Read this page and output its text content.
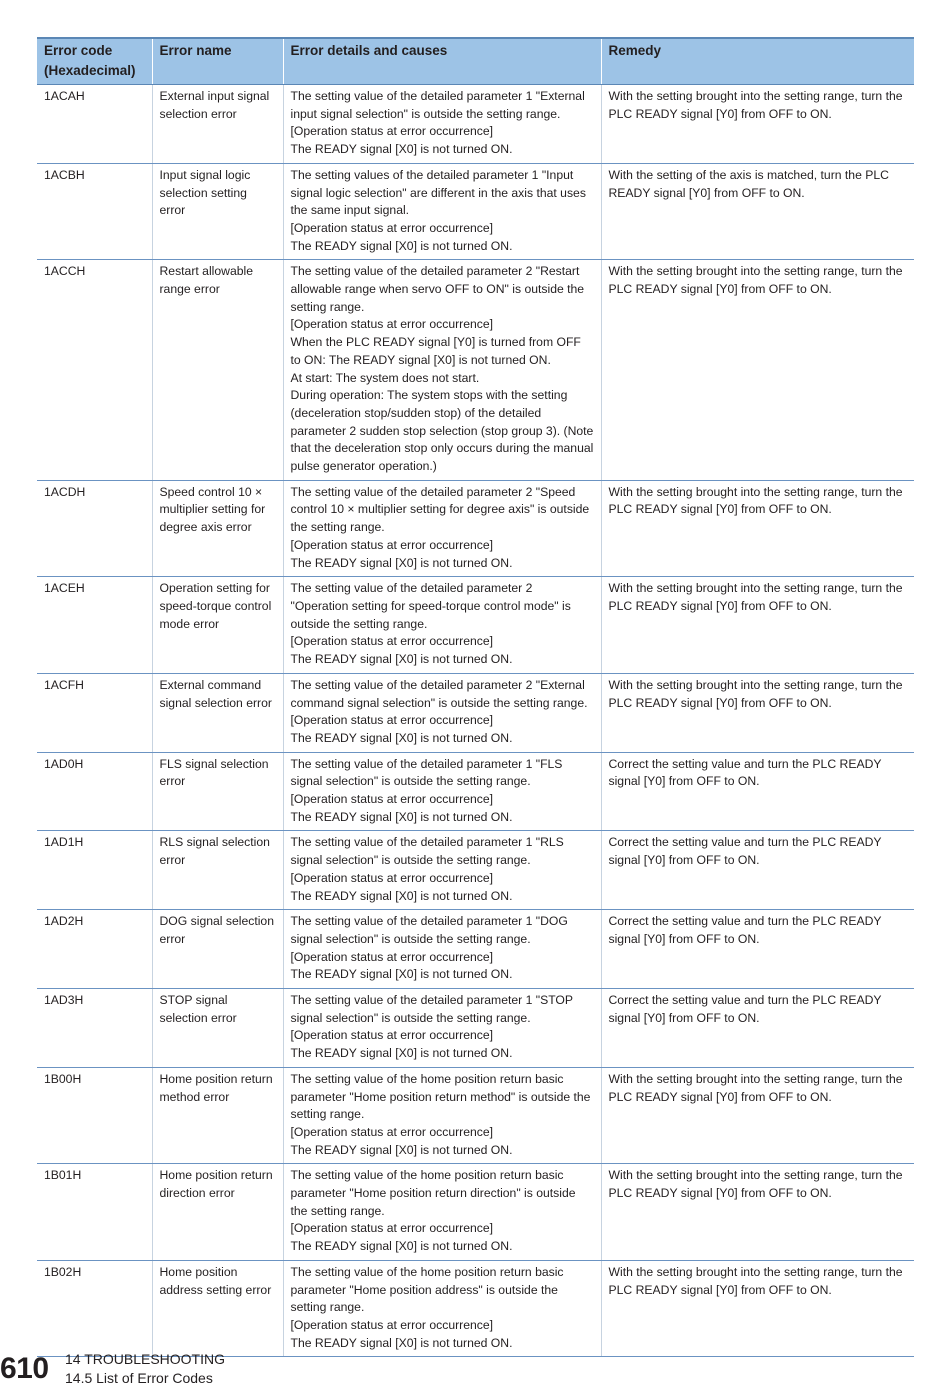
Error code
(Hexadecimal)	Error name	Error details and causes	Remedy
1ACAH	External input signal selection error	The setting value of the detailed parameter 1 "External input signal selection" is outside the setting range.
[Operation status at error occurrence]
The READY signal [X0] is not turned ON.	With the setting brought into the setting range, turn the PLC READY signal [Y0] from OFF to ON.
1ACBH	Input signal logic selection setting error	The setting values of the detailed parameter 1 "Input signal logic selection" are different in the axis that uses the same input signal.
[Operation status at error occurrence]
The READY signal [X0] is not turned ON.	With the setting of the axis is matched, turn the PLC READY signal [Y0] from OFF to ON.
1ACCH	Restart allowable range error	The setting value of the detailed parameter 2 "Restart allowable range when servo OFF to ON" is outside the setting range.
[Operation status at error occurrence]
When the PLC READY signal [Y0] is turned from OFF to ON: The READY signal [X0] is not turned ON.
At start: The system does not start.
During operation: The system stops with the setting (deceleration stop/sudden stop) of the detailed parameter 2 sudden stop selection (stop group 3). (Note that the deceleration stop only occurs during the manual pulse generator operation.)	With the setting brought into the setting range, turn the PLC READY signal [Y0] from OFF to ON.
1ACDH	Speed control 10 × multiplier setting for degree axis error	The setting value of the detailed parameter 2 "Speed control 10 × multiplier setting for degree axis" is outside the setting range.
[Operation status at error occurrence]
The READY signal [X0] is not turned ON.	With the setting brought into the setting range, turn the PLC READY signal [Y0] from OFF to ON.
1ACEH	Operation setting for speed-torque control mode error	The setting value of the detailed parameter 2 "Operation setting for speed-torque control mode" is outside the setting range.
[Operation status at error occurrence]
The READY signal [X0] is not turned ON.	With the setting brought into the setting range, turn the PLC READY signal [Y0] from OFF to ON.
1ACFH	External command signal selection error	The setting value of the detailed parameter 2 "External command signal selection" is outside the setting range.
[Operation status at error occurrence]
The READY signal [X0] is not turned ON.	With the setting brought into the setting range, turn the PLC READY signal [Y0] from OFF to ON.
1AD0H	FLS signal selection error	The setting value of the detailed parameter 1 "FLS signal selection" is outside the setting range.
[Operation status at error occurrence]
The READY signal [X0] is not turned ON.	Correct the setting value and turn the PLC READY signal [Y0] from OFF to ON.
1AD1H	RLS signal selection error	The setting value of the detailed parameter 1 "RLS signal selection" is outside the setting range.
[Operation status at error occurrence]
The READY signal [X0] is not turned ON.	Correct the setting value and turn the PLC READY signal [Y0] from OFF to ON.
1AD2H	DOG signal selection error	The setting value of the detailed parameter 1 "DOG signal selection" is outside the setting range.
[Operation status at error occurrence]
The READY signal [X0] is not turned ON.	Correct the setting value and turn the PLC READY signal [Y0] from OFF to ON.
1AD3H	STOP signal selection error	The setting value of the detailed parameter 1 "STOP signal selection" is outside the setting range.
[Operation status at error occurrence]
The READY signal [X0] is not turned ON.	Correct the setting value and turn the PLC READY signal [Y0] from OFF to ON.
1B00H	Home position return method error	The setting value of the home position return basic parameter "Home position return method" is outside the setting range.
[Operation status at error occurrence]
The READY signal [X0] is not turned ON.	With the setting brought into the setting range, turn the PLC READY signal [Y0] from OFF to ON.
1B01H	Home position return direction error	The setting value of the home position return basic parameter "Home position return direction" is outside the setting range.
[Operation status at error occurrence]
The READY signal [X0] is not turned ON.	With the setting brought into the setting range, turn the PLC READY signal [Y0] from OFF to ON.
1B02H	Home position address setting error	The setting value of the home position return basic parameter "Home position address" is outside the setting range.
[Operation status at error occurrence]
The READY signal [X0] is not turned ON.	With the setting brought into the setting range, turn the PLC READY signal [Y0] from OFF to ON.
610 14 TROUBLESHOOTING
14.5 List of Error Codes
